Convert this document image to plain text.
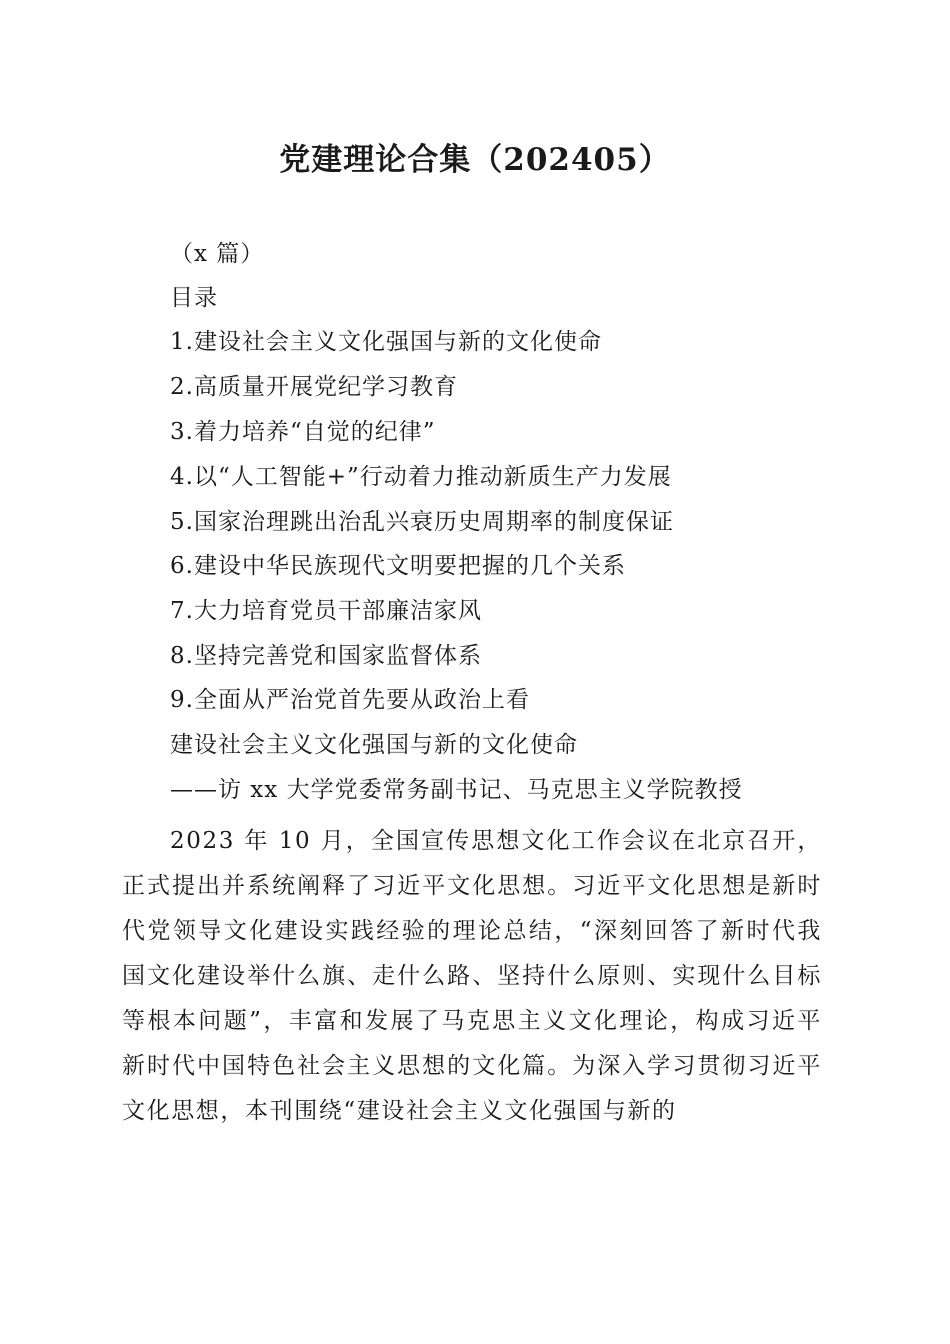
党建理论合集（202405）
（x 篇）
目录
1.建设社会主义文化强国与新的文化使命
2.高质量开展党纪学习教育
3.着力培养“自觉的纪律”
4.以“人工智能+”行动着力推动新质生产力发展
5.国家治理跳出治乱兴衰历史周期率的制度保证
6.建设中华民族现代文明要把握的几个关系
7.大力培育党员干部廉洁家风
8.坚持完善党和国家监督体系
9.全面从严治党首先要从政治上看
建设社会主义文化强国与新的文化使命
——访 xx 大学党委常务副书记、马克思主义学院教授
2023 年 10 月，全国宣传思想文化工作会议在北京召开，正式提出并系统阐释了习近平文化思想。习近平文化思想是新时代党领导文化建设实践经验的理论总结，“深刻回答了新时代我国文化建设举什么旗、走什么路、坚持什么原则、实现什么目标等根本问题”，丰富和发展了马克思主义文化理论，构成习近平新时代中国特色社会主义思想的文化篇。为深入学习贯彻习近平文化思想，本刊围绕“建设社会主义文化强国与新的
